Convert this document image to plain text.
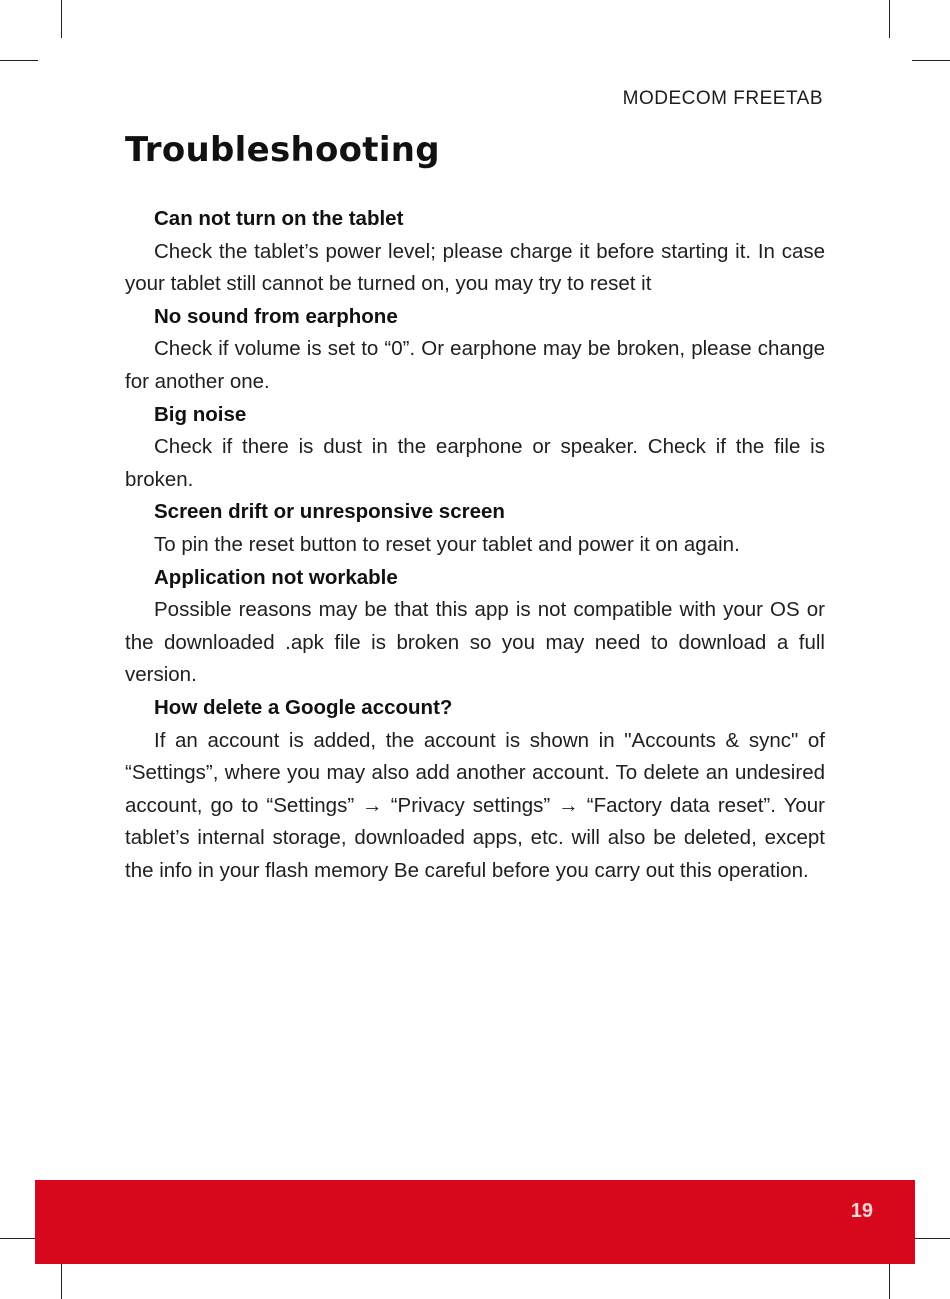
MODECOM FREETAB
Troubleshooting

Can not turn on the tablet

Check the tablet’s power level; please charge it before starting it. In case your tablet still cannot be turned on, you may try to reset it

No sound from earphone

Check if volume is set to “0”. Or earphone may be broken, please change for another one.

Big noise

Check if there is dust in the earphone or speaker. Check if the file is broken.

Screen drift or unresponsive screen

To pin the reset button to reset your tablet and power it on again.

Application not workable

Possible reasons may be that this app is not compatible with your OS or the downloaded .apk file is broken so you may need to download a full version.

How delete a Google account?

If an account is added, the account is shown in "Accounts & sync" of “Settings”, where you may also add another account. To delete an undesired account, go to “Settings” → “Privacy settings” → “Factory data reset”. Your tablet’s internal storage, downloaded apps, etc. will also be deleted, except the info in your flash memory Be careful before you carry out this operation.

19
